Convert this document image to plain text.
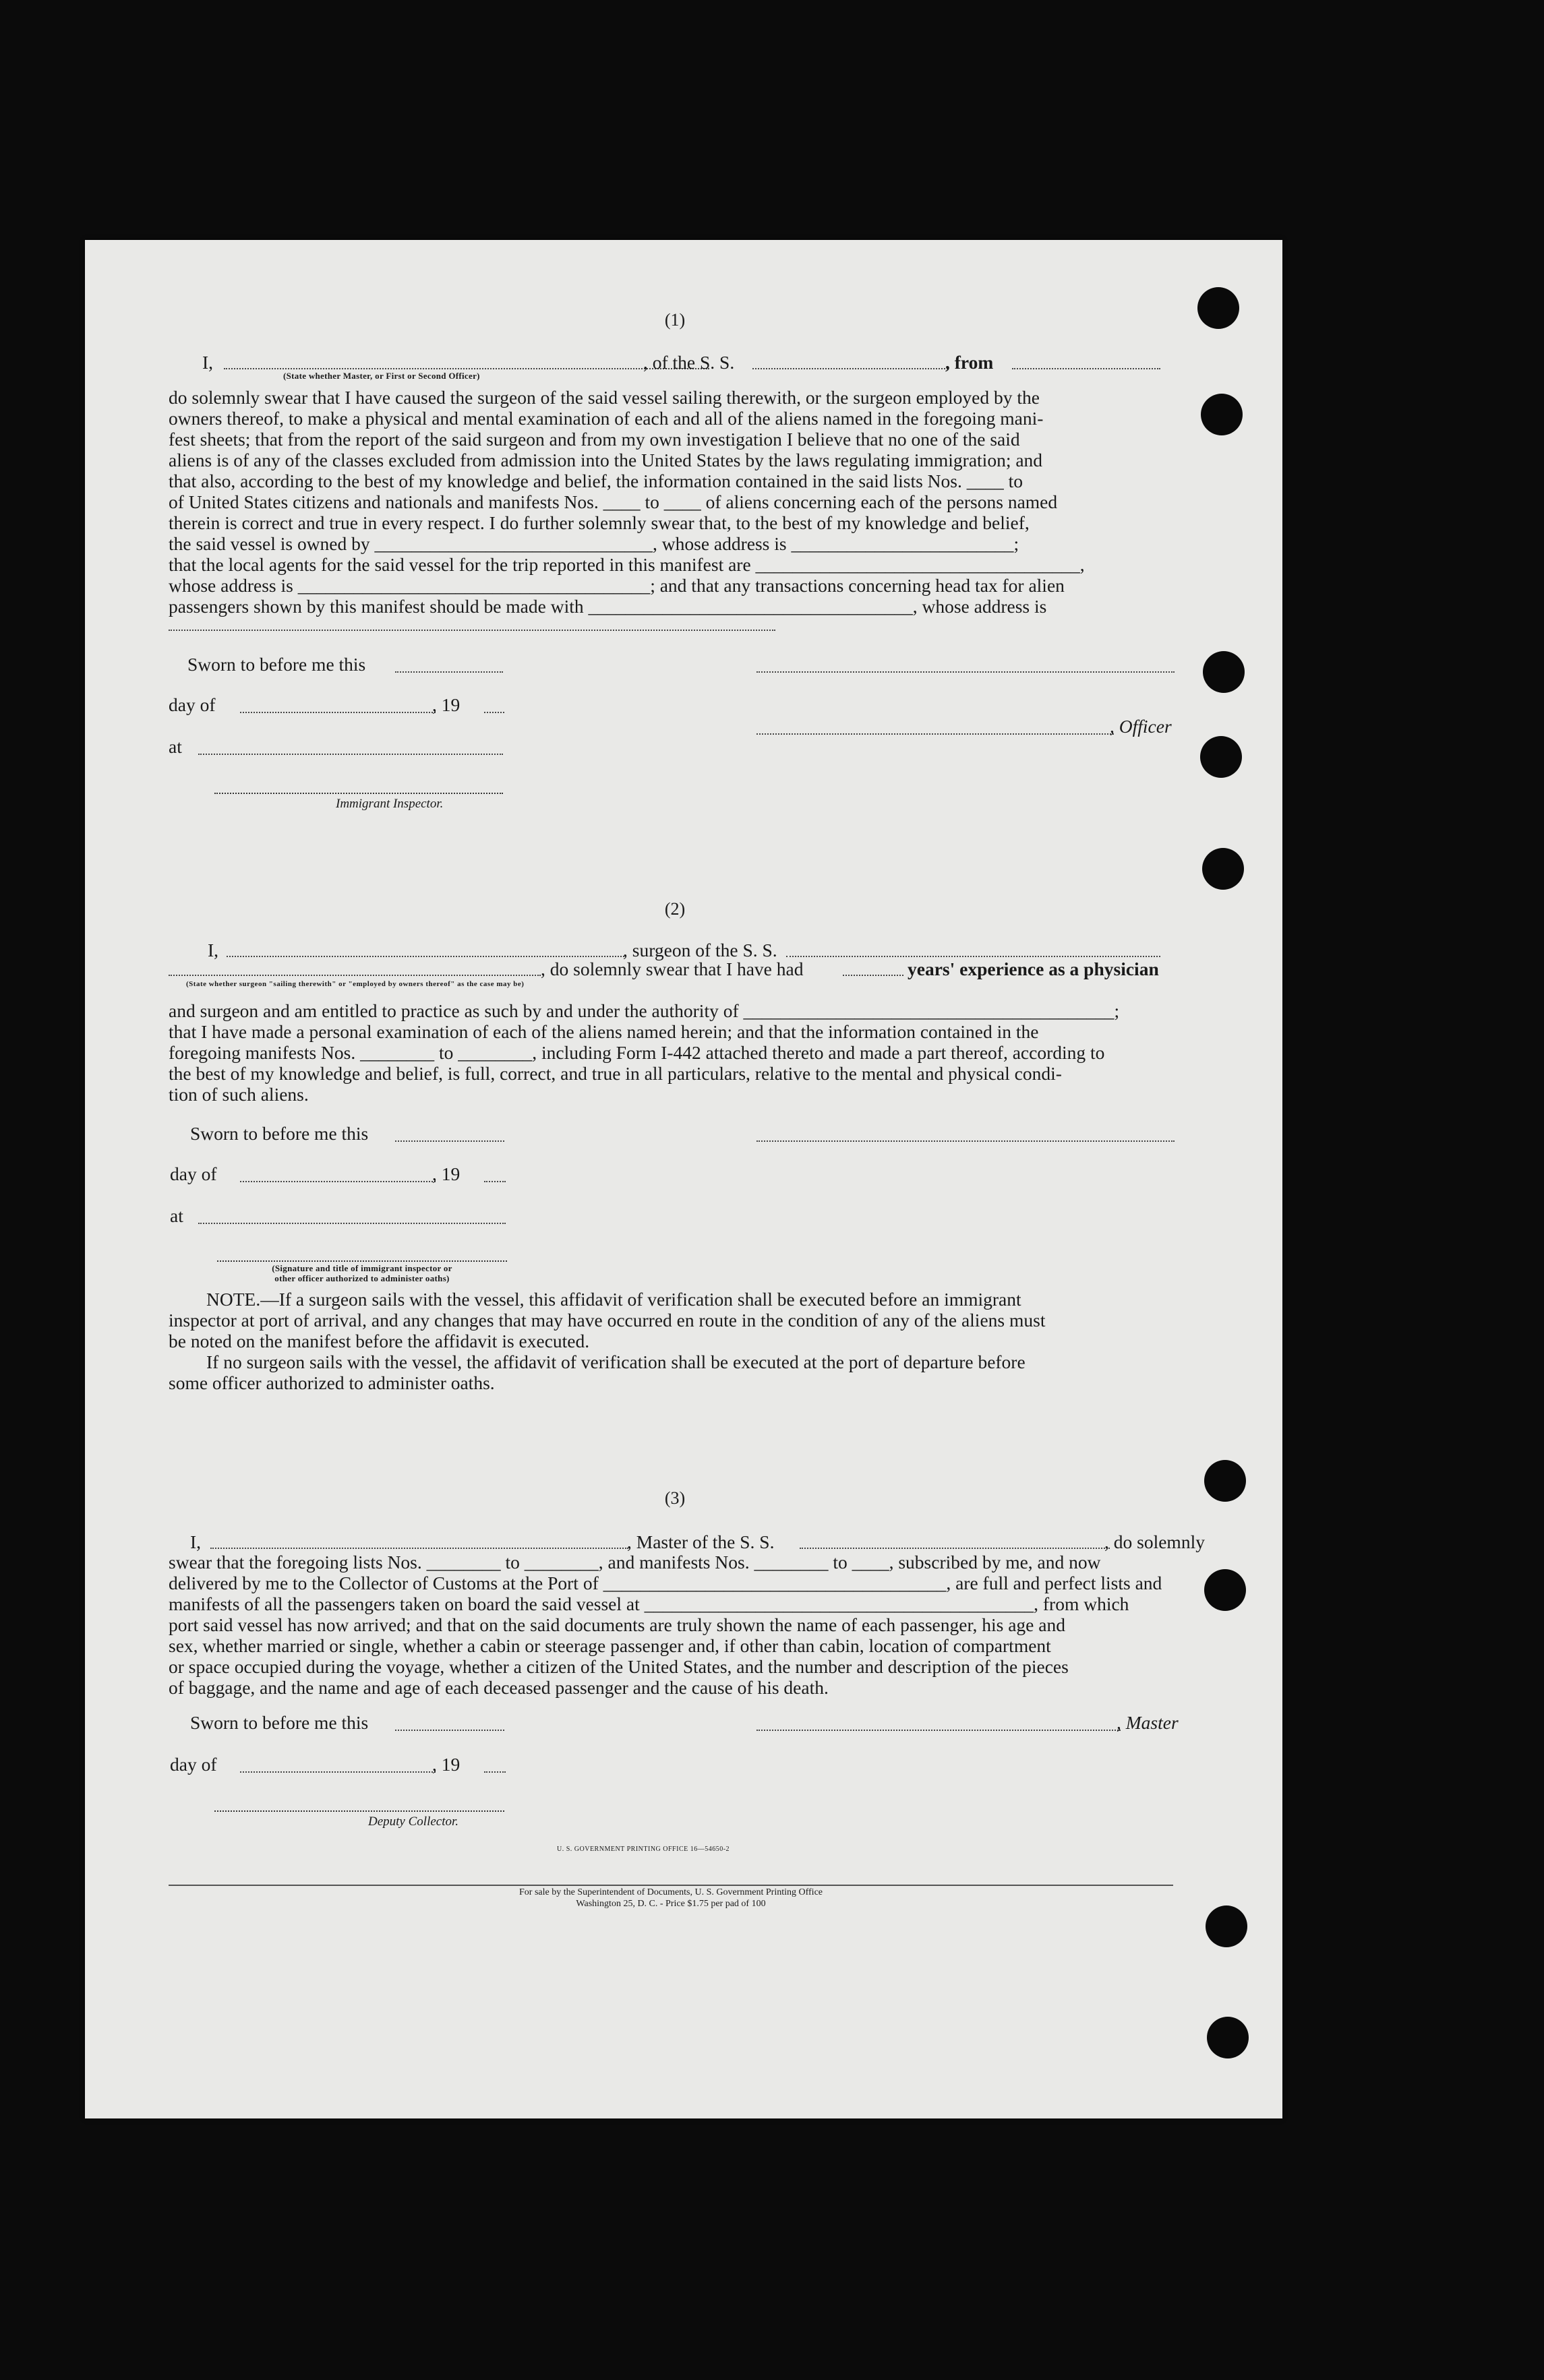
(1)
I,	, of the S. S.	, from
(State whether Master, or First or Second Officer)
do solemnly swear that I have caused the surgeon of the said vessel sailing therewith, or the surgeon employed by the
owners thereof, to make a physical and mental examination of each and all of the aliens named in the foregoing mani-
fest sheets; that from the report of the said surgeon and from my own investigation I believe that no one of the said
aliens is of any of the classes excluded from admission into the United States by the laws regulating immigration; and
that also, according to the best of my knowledge and belief, the information contained in the said lists Nos. ____ to
of United States citizens and nationals and manifests Nos. ____ to ____ of aliens concerning each of the persons named
therein is correct and true in every respect. I do further solemnly swear that, to the best of my knowledge and belief,
the said vessel is owned by ______________________________, whose address is ________________________;
that the local agents for the said vessel for the trip reported in this manifest are ___________________________________,
whose address is ______________________________________; and that any transactions concerning head tax for alien
passengers shown by this manifest should be made with ___________________________________, whose address is
Sworn to before me this
day of	, 19
, Officer
at
Immigrant Inspector.
(2)
I,	, surgeon of the S. S.
, do solemnly swear that I have had	years' experience as a physician
(State whether surgeon "sailing therewith" or "employed by owners thereof" as the case may be)
and surgeon and am entitled to practice as such by and under the authority of ________________________________________;
that I have made a personal examination of each of the aliens named herein; and that the information contained in the
foregoing manifests Nos. ________ to ________, including Form I-442 attached thereto and made a part thereof, according to
the best of my knowledge and belief, is full, correct, and true in all particulars, relative to the mental and physical condi-
tion of such aliens.
Sworn to before me this
day of	, 19
at
(Signature and title of immigrant inspector or
other officer authorized to administer oaths)
NOTE.—If a surgeon sails with the vessel, this affidavit of verification shall be executed before an immigrant
inspector at port of arrival, and any changes that may have occurred en route in the condition of any of the aliens must
be noted on the manifest before the affidavit is executed.
If no surgeon sails with the vessel, the affidavit of verification shall be executed at the port of departure before
some officer authorized to administer oaths.
(3)
I,	, Master of the S. S.	, do solemnly
swear that the foregoing lists Nos. ________ to ________, and manifests Nos. ________ to ____, subscribed by me, and now
delivered by me to the Collector of Customs at the Port of _____________________________________, are full and perfect lists and
manifests of all the passengers taken on board the said vessel at __________________________________________, from which
port said vessel has now arrived; and that on the said documents are truly shown the name of each passenger, his age and
sex, whether married or single, whether a cabin or steerage passenger and, if other than cabin, location of compartment
or space occupied during the voyage, whether a citizen of the United States, and the number and description of the pieces
of baggage, and the name and age of each deceased passenger and the cause of his death.
Sworn to before me this	, Master
day of	, 19
Deputy Collector.
U. S. GOVERNMENT PRINTING OFFICE 16—54650-2
For sale by the Superintendent of Documents, U. S. Government Printing Office
Washington 25, D. C. - Price $1.75 per pad of 100
